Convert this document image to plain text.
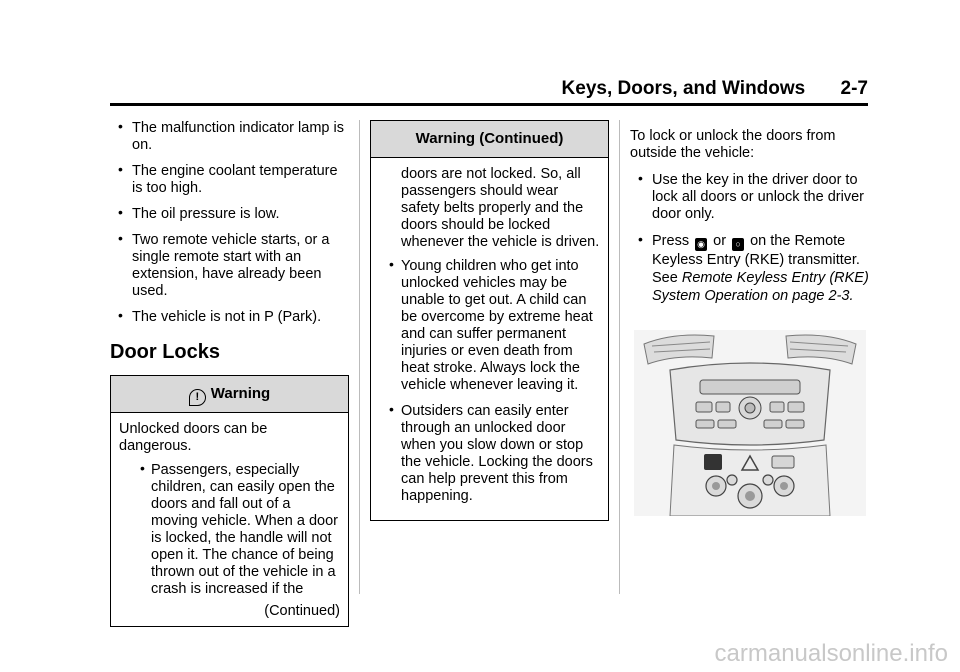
Keys, Doors, and Windows 2-7
• The malfunction indicator lamp is on.
• The engine coolant temperature is too high.
• The oil pressure is low.
• Two remote vehicle starts, or a single remote start with an extension, have already been used.
• The vehicle is not in P (Park).
Door Locks
! Warning

Unlocked doors can be dangerous.

• Passengers, especially children, can easily open the doors and fall out of a moving vehicle. When a door is locked, the handle will not open it. The chance of being thrown out of the vehicle in a crash is increased if the
(Continued)
Warning (Continued)

doors are not locked. So, all passengers should wear safety belts properly and the doors should be locked whenever the vehicle is driven.

• Young children who get into unlocked vehicles may be unable to get out. A child can be overcome by extreme heat and can suffer permanent injuries or even death from heat stroke. Always lock the vehicle whenever leaving it.
• Outsiders can easily enter through an unlocked door when you slow down or stop the vehicle. Locking the doors can help prevent this from happening.

To lock or unlock the doors from outside the vehicle:

• Use the key in the driver door to lock all doors or unlock the driver door only.
• Press ◉ or ○ on the Remote Keyless Entry (RKE) transmitter. See Remote Keyless Entry (RKE) System Operation on page 2-3.
carmanualsonline.info
